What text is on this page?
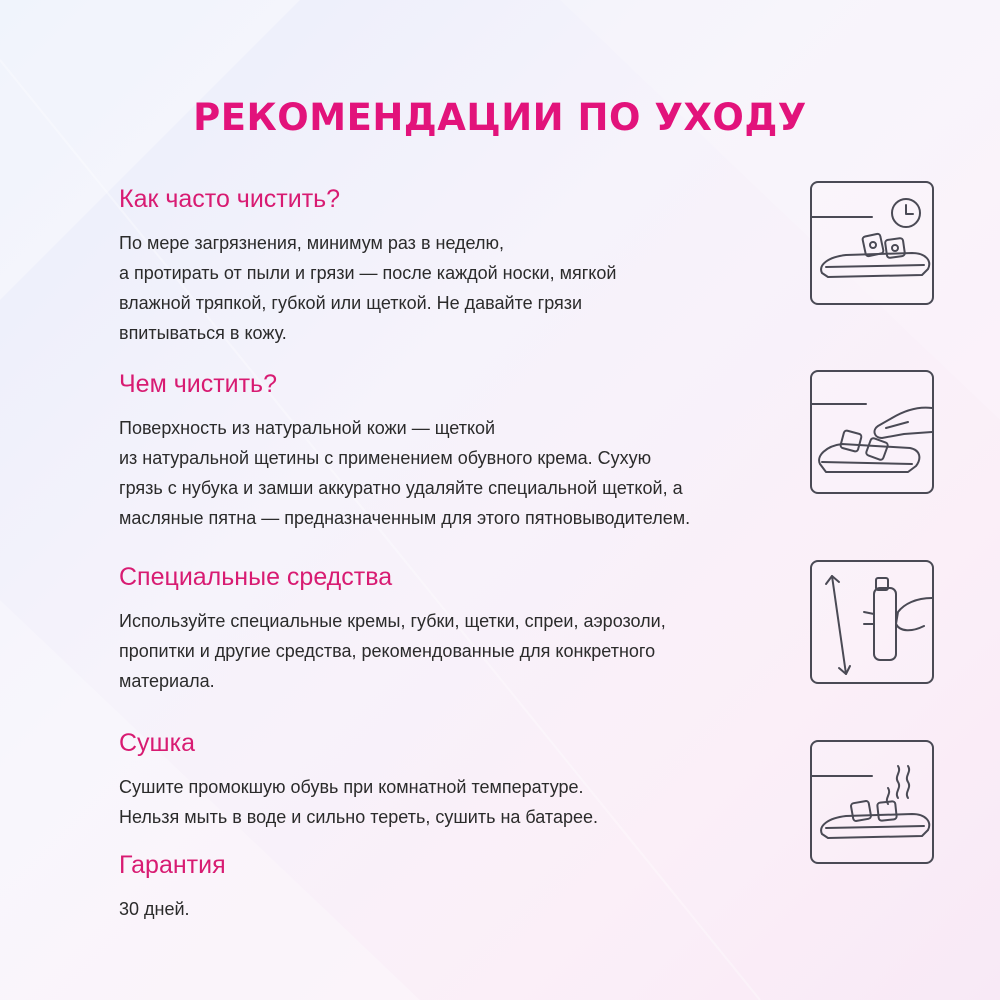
РЕКОМЕНДАЦИИ ПО УХОДУ
Как часто чистить?
По мере загрязнения, минимум раз в неделю,
а протирать от пыли и грязи — после каждой носки, мягкой
влажной тряпкой, губкой или щеткой. Не давайте грязи
впитываться в кожу.
Чем чистить?
Поверхность из натуральной кожи — щеткой
из натуральной щетины с применением обувного крема. Сухую
грязь с нубука и замши аккуратно удаляйте специальной щеткой, а
масляные пятна — предназначенным для этого пятновыводителем.
Специальные средства
Используйте специальные кремы, губки, щетки, спреи, аэрозоли,
пропитки и другие средства, рекомендованные для конкретного
материала.
Сушка
Сушите промокшую обувь при комнатной температуре.
Нельзя мыть в воде и сильно тереть, сушить на батарее.
Гарантия
30 дней.
